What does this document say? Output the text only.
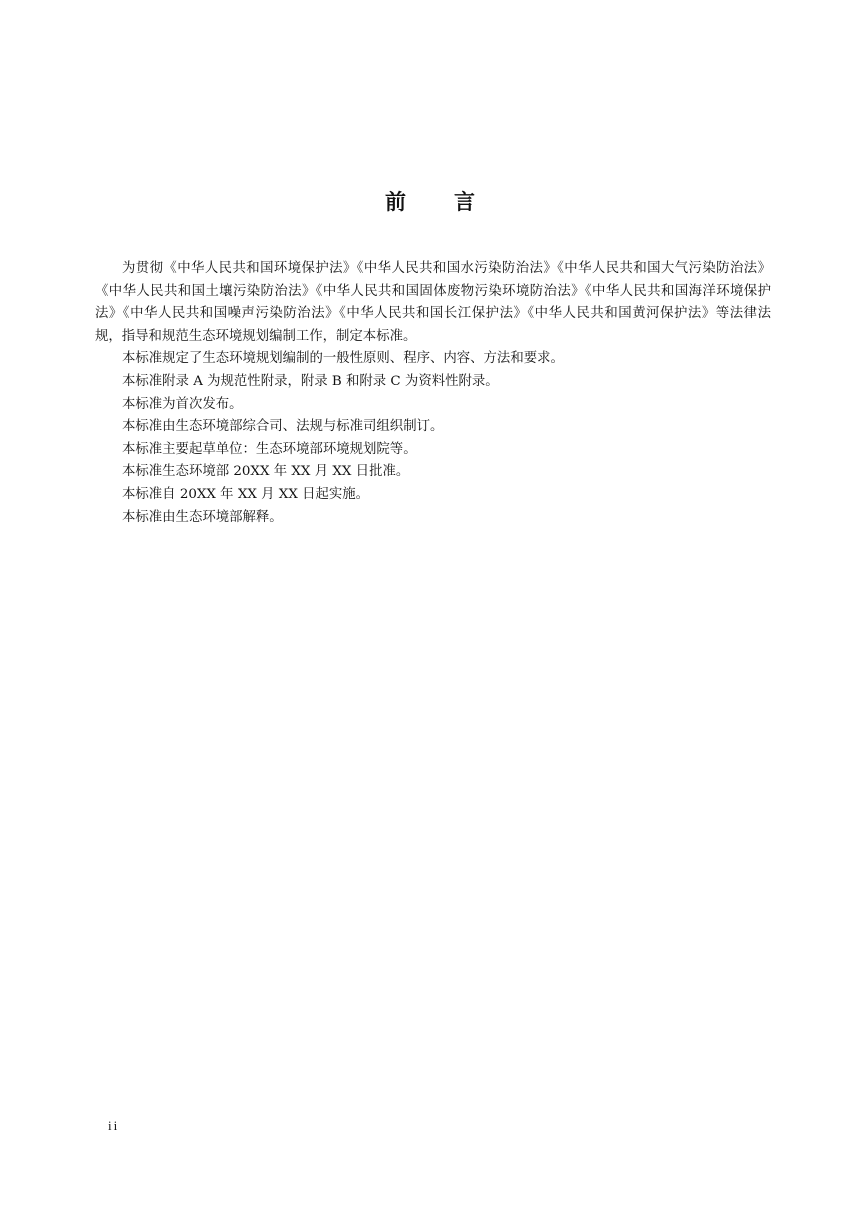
前 言

为贯彻《中华人民共和国环境保护法》《中华人民共和国水污染防治法》《中华人民共和国大气污染防治法》《中华人民共和国土壤污染防治法》《中华人民共和国固体废物污染环境防治法》《中华人民共和国海洋环境保护法》《中华人民共和国噪声污染防治法》《中华人民共和国长江保护法》《中华人民共和国黄河保护法》等法律法规，指导和规范生态环境规划编制工作，制定本标准。

本标准规定了生态环境规划编制的一般性原则、程序、内容、方法和要求。

本标准附录 A 为规范性附录，附录 B 和附录 C 为资料性附录。

本标准为首次发布。

本标准由生态环境部综合司、法规与标准司组织制订。

本标准主要起草单位：生态环境部环境规划院等。

本标准生态环境部 20XX 年 XX 月 XX 日批准。

本标准自 20XX 年 XX 月 XX 日起实施。

本标准由生态环境部解释。

ii
